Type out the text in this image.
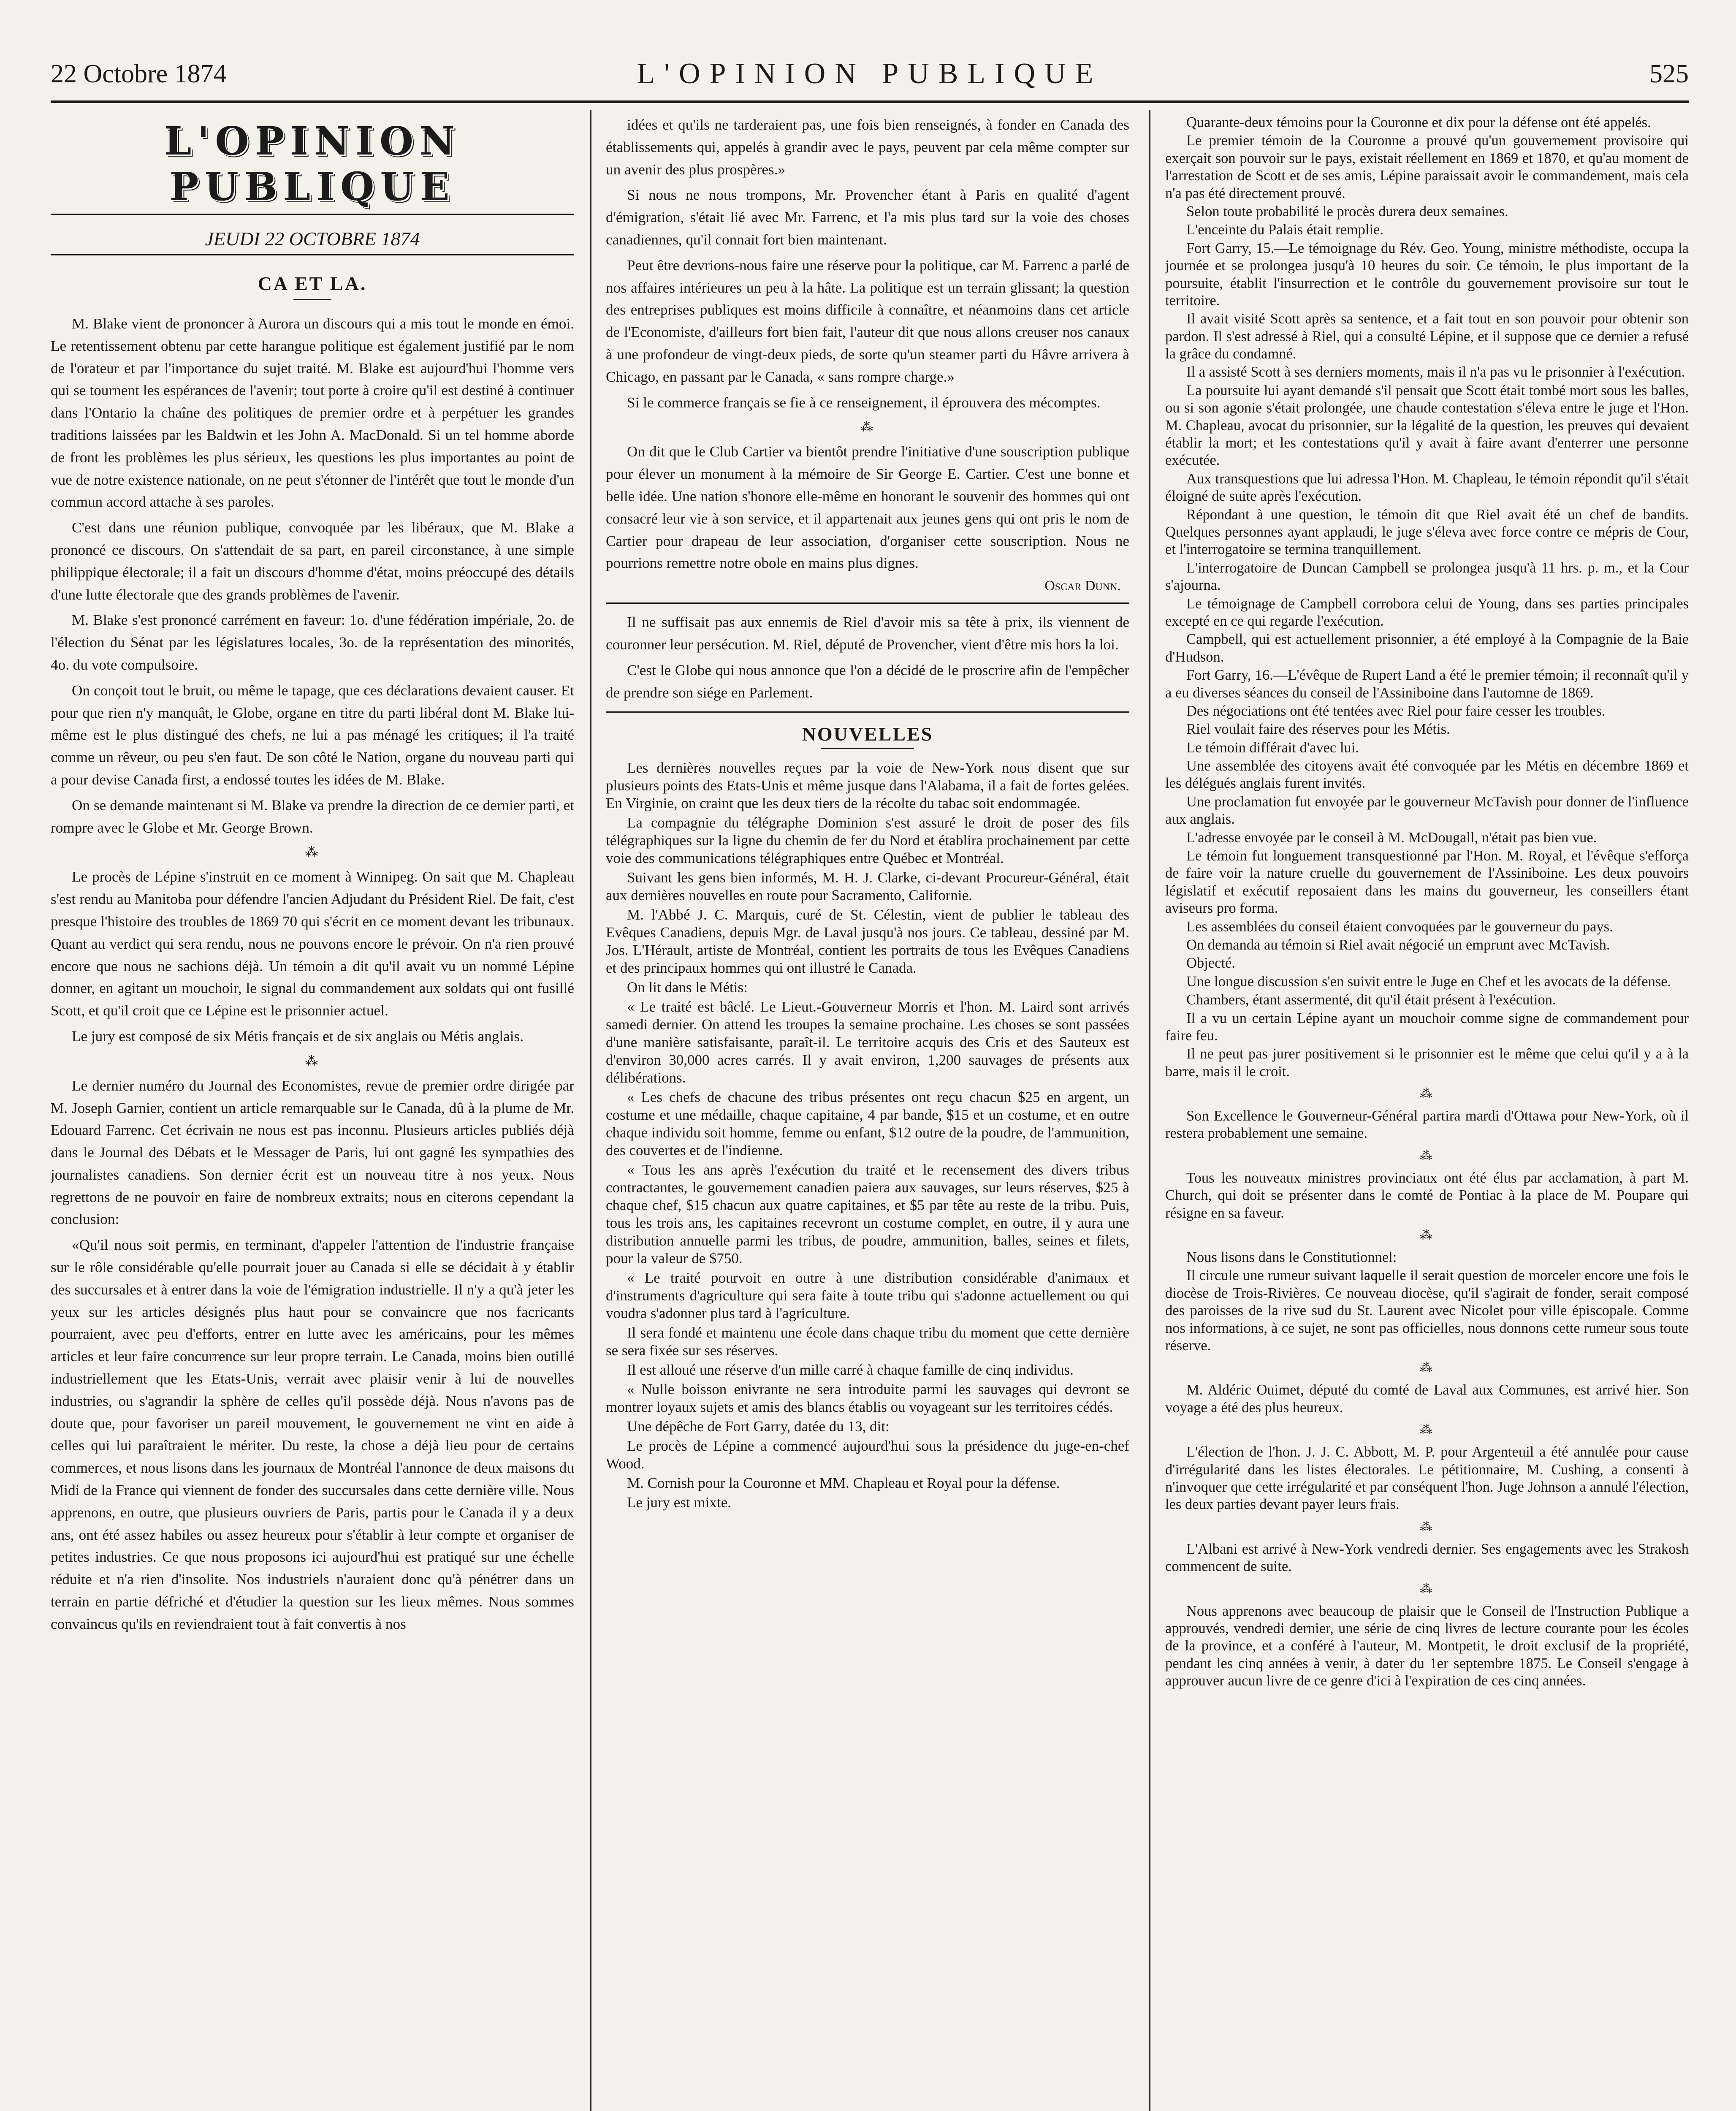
22 Octobre 1874	L'OPINION PUBLIQUE	525
L'OPINION PUBLIQUE
JEUDI 22 OCTOBRE 1874
CA ET LA.

M. Blake vient de prononcer à Aurora un discours qui a mis tout le monde en émoi. Le retentissement obtenu par cette harangue politique est également justifié par le nom de l'orateur et par l'importance du sujet traité. M. Blake est aujourd'hui l'homme vers qui se tournent les espérances de l'avenir; tout porte à croire qu'il est destiné à continuer dans l'Ontario la chaîne des politiques de premier ordre et à perpétuer les grandes traditions laissées par les Baldwin et les John A. MacDonald. Si un tel homme aborde de front les problèmes les plus sérieux, les questions les plus importantes au point de vue de notre existence nationale, on ne peut s'étonner de l'intérêt que tout le monde d'un commun accord attache à ses paroles.

C'est dans une réunion publique, convoquée par les libéraux, que M. Blake a prononcé ce discours. On s'attendait de sa part, en pareil circonstance, à une simple philippique électorale; il a fait un discours d'homme d'état, moins préoccupé des détails d'une lutte électorale que des grands problèmes de l'avenir.

M. Blake s'est prononcé carrément en faveur: 1o. d'une fédération impériale, 2o. de l'élection du Sénat par les législatures locales, 3o. de la représentation des minorités, 4o. du vote compulsoire.

On conçoit tout le bruit, ou même le tapage, que ces déclarations devaient causer. Et pour que rien n'y manquât, le Globe, organe en titre du parti libéral dont M. Blake lui-même est le plus distingué des chefs, ne lui a pas ménagé les critiques; il l'a traité comme un rêveur, ou peu s'en faut. De son côté le Nation, organe du nouveau parti qui a pour devise Canada first, a endossé toutes les idées de M. Blake.

On se demande maintenant si M. Blake va prendre la direction de ce dernier parti, et rompre avec le Globe et Mr. George Brown.

⁂

Le procès de Lépine s'instruit en ce moment à Winnipeg. On sait que M. Chapleau s'est rendu au Manitoba pour défendre l'ancien Adjudant du Président Riel. De fait, c'est presque l'histoire des troubles de 1869 70 qui s'écrit en ce moment devant les tribunaux. Quant au verdict qui sera rendu, nous ne pouvons encore le prévoir. On n'a rien prouvé encore que nous ne sachions déjà. Un témoin a dit qu'il avait vu un nommé Lépine donner, en agitant un mouchoir, le signal du commandement aux soldats qui ont fusillé Scott, et qu'il croit que ce Lépine est le prisonnier actuel.

Le jury est composé de six Métis français et de six anglais ou Métis anglais.

⁂

Le dernier numéro du Journal des Economistes, revue de premier ordre dirigée par M. Joseph Garnier, contient un article remarquable sur le Canada, dû à la plume de Mr. Edouard Farrenc. Cet écrivain ne nous est pas inconnu. Plusieurs articles publiés déjà dans le Journal des Débats et le Messager de Paris, lui ont gagné les sympathies des journalistes canadiens. Son dernier écrit est un nouveau titre à nos yeux. Nous regrettons de ne pouvoir en faire de nombreux extraits; nous en citerons cependant la conclusion:

«Qu'il nous soit permis, en terminant, d'appeler l'attention de l'industrie française sur le rôle considérable qu'elle pourrait jouer au Canada si elle se décidait à y établir des succursales et à entrer dans la voie de l'émigration industrielle. Il n'y a qu'à jeter les yeux sur les articles désignés plus haut pour se convaincre que nos facricants pourraient, avec peu d'efforts, entrer en lutte avec les américains, pour les mêmes articles et leur faire concurrence sur leur propre terrain. Le Canada, moins bien outillé industriellement que les Etats-Unis, verrait avec plaisir venir à lui de nouvelles industries, ou s'agrandir la sphère de celles qu'il possède déjà. Nous n'avons pas de doute que, pour favoriser un pareil mouvement, le gouvernement ne vint en aide à celles qui lui paraîtraient le mériter. Du reste, la chose a déjà lieu pour de certains commerces, et nous lisons dans les journaux de Montréal l'annonce de deux maisons du Midi de la France qui viennent de fonder des succursales dans cette dernière ville. Nous apprenons, en outre, que plusieurs ouvriers de Paris, partis pour le Canada il y a deux ans, ont été assez habiles ou assez heureux pour s'établir à leur compte et organiser de petites industries. Ce que nous proposons ici aujourd'hui est pratiqué sur une échelle réduite et n'a rien d'insolite. Nos industriels n'auraient donc qu'à pénétrer dans un terrain en partie défriché et d'étudier la question sur les lieux mêmes. Nous sommes convaincus qu'ils en reviendraient tout à fait convertis à nos

idées et qu'ils ne tarderaient pas, une fois bien renseignés, à fonder en Canada des établissements qui, appelés à grandir avec le pays, peuvent par cela même compter sur un avenir des plus prospères.»

Si nous ne nous trompons, Mr. Provencher étant à Paris en qualité d'agent d'émigration, s'était lié avec Mr. Farrenc, et l'a mis plus tard sur la voie des choses canadiennes, qu'il connait fort bien maintenant.

Peut être devrions-nous faire une réserve pour la politique, car M. Farrenc a parlé de nos affaires intérieures un peu à la hâte. La politique est un terrain glissant; la question des entreprises publiques est moins difficile à connaître, et néanmoins dans cet article de l'Economiste, d'ailleurs fort bien fait, l'auteur dit que nous allons creuser nos canaux à une profondeur de vingt-deux pieds, de sorte qu'un steamer parti du Hâvre arrivera à Chicago, en passant par le Canada, « sans rompre charge.»

Si le commerce français se fie à ce renseignement, il éprouvera des mécomptes.

⁂

On dit que le Club Cartier va bientôt prendre l'initiative d'une souscription publique pour élever un monument à la mémoire de Sir George E. Cartier. C'est une bonne et belle idée. Une nation s'honore elle-même en honorant le souvenir des hommes qui ont consacré leur vie à son service, et il appartenait aux jeunes gens qui ont pris le nom de Cartier pour drapeau de leur association, d'organiser cette souscription. Nous ne pourrions remettre notre obole en mains plus dignes.

Oscar Dunn.

Il ne suffisait pas aux ennemis de Riel d'avoir mis sa tête à prix, ils viennent de couronner leur persécution. M. Riel, député de Provencher, vient d'être mis hors la loi.

C'est le Globe qui nous annonce que l'on a décidé de le proscrire afin de l'empêcher de prendre son siége en Parlement.

NOUVELLES

Les dernières nouvelles reçues par la voie de New-York nous disent que sur plusieurs points des Etats-Unis et même jusque dans l'Alabama, il a fait de fortes gelées. En Virginie, on craint que les deux tiers de la récolte du tabac soit endommagée.

La compagnie du télégraphe Dominion s'est assuré le droit de poser des fils télégraphiques sur la ligne du chemin de fer du Nord et établira prochainement par cette voie des communications télégraphiques entre Québec et Montréal.

Suivant les gens bien informés, M. H. J. Clarke, ci-devant Procureur-Général, était aux dernières nouvelles en route pour Sacramento, Californie.

M. l'Abbé J. C. Marquis, curé de St. Célestin, vient de publier le tableau des Evêques Canadiens, depuis Mgr. de Laval jusqu'à nos jours. Ce tableau, dessiné par M. Jos. L'Hérault, artiste de Montréal, contient les portraits de tous les Evêques Canadiens et des principaux hommes qui ont illustré le Canada.

On lit dans le Métis:

« Le traité est bâclé. Le Lieut.-Gouverneur Morris et l'hon. M. Laird sont arrivés samedi dernier. On attend les troupes la semaine prochaine. Les choses se sont passées d'une manière satisfaisante, paraît-il. Le territoire acquis des Cris et des Sauteux est d'environ 30,000 acres carrés. Il y avait environ, 1,200 sauvages de présents aux délibérations.

« Les chefs de chacune des tribus présentes ont reçu chacun $25 en argent, un costume et une médaille, chaque capitaine, 4 par bande, $15 et un costume, et en outre chaque individu soit homme, femme ou enfant, $12 outre de la poudre, de l'ammunition, des couvertes et de l'indienne.

« Tous les ans après l'exécution du traité et le recensement des divers tribus contractantes, le gouvernement canadien paiera aux sauvages, sur leurs réserves, $25 à chaque chef, $15 chacun aux quatre capitaines, et $5 par tête au reste de la tribu. Puis, tous les trois ans, les capitaines recevront un costume complet, en outre, il y aura une distribution annuelle parmi les tribus, de poudre, ammunition, balles, seines et filets, pour la valeur de $750.

« Le traité pourvoit en outre à une distribution considérable d'animaux et d'instruments d'agriculture qui sera faite à toute tribu qui s'adonne actuellement ou qui voudra s'adonner plus tard à l'agriculture.

Il sera fondé et maintenu une école dans chaque tribu du moment que cette dernière se sera fixée sur ses réserves.

Il est alloué une réserve d'un mille carré à chaque famille de cinq individus.

« Nulle boisson enivrante ne sera introduite parmi les sauvages qui devront se montrer loyaux sujets et amis des blancs établis ou voyageant sur les territoires cédés.

Une dépêche de Fort Garry, datée du 13, dit:

Le procès de Lépine a commencé aujourd'hui sous la présidence du juge-en-chef Wood.

M. Cornish pour la Couronne et MM. Chapleau et Royal pour la défense.

Le jury est mixte.

Quarante-deux témoins pour la Couronne et dix pour la défense ont été appelés.

Le premier témoin de la Couronne a prouvé qu'un gouvernement provisoire qui exerçait son pouvoir sur le pays, existait réellement en 1869 et 1870, et qu'au moment de l'arrestation de Scott et de ses amis, Lépine paraissait avoir le commandement, mais cela n'a pas été directement prouvé.

Selon toute probabilité le procès durera deux semaines.

L'enceinte du Palais était remplie.

Fort Garry, 15.—Le témoignage du Rév. Geo. Young, ministre méthodiste, occupa la journée et se prolongea jusqu'à 10 heures du soir. Ce témoin, le plus important de la poursuite, établit l'insurrection et le contrôle du gouvernement provisoire sur tout le territoire.

Il avait visité Scott après sa sentence, et a fait tout en son pouvoir pour obtenir son pardon. Il s'est adressé à Riel, qui a consulté Lépine, et il suppose que ce dernier a refusé la grâce du condamné.

Il a assisté Scott à ses derniers moments, mais il n'a pas vu le prisonnier à l'exécution.

La poursuite lui ayant demandé s'il pensait que Scott était tombé mort sous les balles, ou si son agonie s'était prolongée, une chaude contestation s'éleva entre le juge et l'Hon. M. Chapleau, avocat du prisonnier, sur la légalité de la question, les preuves qui devaient établir la mort; et les contestations qu'il y avait à faire avant d'enterrer une personne exécutée.

Aux transquestions que lui adressa l'Hon. M. Chapleau, le témoin répondit qu'il s'était éloigné de suite après l'exécution.

Répondant à une question, le témoin dit que Riel avait été un chef de bandits. Quelques personnes ayant applaudi, le juge s'éleva avec force contre ce mépris de Cour, et l'interrogatoire se termina tranquillement.

L'interrogatoire de Duncan Campbell se prolongea jusqu'à 11 hrs. p. m., et la Cour s'ajourna.

Le témoignage de Campbell corrobora celui de Young, dans ses parties principales excepté en ce qui regarde l'exécution.

Campbell, qui est actuellement prisonnier, a été employé à la Compagnie de la Baie d'Hudson.

Fort Garry, 16.—L'évêque de Rupert Land a été le premier témoin; il reconnaît qu'il y a eu diverses séances du conseil de l'Assiniboine dans l'automne de 1869.

Des négociations ont été tentées avec Riel pour faire cesser les troubles.

Riel voulait faire des réserves pour les Métis.

Le témoin différait d'avec lui.

Une assemblée des citoyens avait été convoquée par les Métis en décembre 1869 et les délégués anglais furent invités.

Une proclamation fut envoyée par le gouverneur McTavish pour donner de l'influence aux anglais.

L'adresse envoyée par le conseil à M. McDougall, n'était pas bien vue.

Le témoin fut longuement transquestionné par l'Hon. M. Royal, et l'évêque s'efforça de faire voir la nature cruelle du gouvernement de l'Assiniboine. Les deux pouvoirs législatif et exécutif reposaient dans les mains du gouverneur, les conseillers étant aviseurs pro forma.

Les assemblées du conseil étaient convoquées par le gouverneur du pays.

On demanda au témoin si Riel avait négocié un emprunt avec McTavish.

Objecté.

Une longue discussion s'en suivit entre le Juge en Chef et les avocats de la défense.

Chambers, étant assermenté, dit qu'il était présent à l'exécution.

Il a vu un certain Lépine ayant un mouchoir comme signe de commandement pour faire feu.

Il ne peut pas jurer positivement si le prisonnier est le même que celui qu'il y a à la barre, mais il le croit.

⁂

Son Excellence le Gouverneur-Général partira mardi d'Ottawa pour New-York, où il restera probablement une semaine.

⁂

Tous les nouveaux ministres provinciaux ont été élus par acclamation, à part M. Church, qui doit se présenter dans le comté de Pontiac à la place de M. Poupare qui résigne en sa faveur.

⁂

Nous lisons dans le Constitutionnel:

Il circule une rumeur suivant laquelle il serait question de morceler encore une fois le diocèse de Trois-Rivières. Ce nouveau diocèse, qu'il s'agirait de fonder, serait composé des paroisses de la rive sud du St. Laurent avec Nicolet pour ville épiscopale. Comme nos informations, à ce sujet, ne sont pas officielles, nous donnons cette rumeur sous toute réserve.

⁂

M. Aldéric Ouimet, député du comté de Laval aux Communes, est arrivé hier. Son voyage a été des plus heureux.

⁂

L'élection de l'hon. J. J. C. Abbott, M. P. pour Argenteuil a été annulée pour cause d'irrégularité dans les listes électorales. Le pétitionnaire, M. Cushing, a consenti à n'invoquer que cette irrégularité et par conséquent l'hon. Juge Johnson a annulé l'élection, les deux parties devant payer leurs frais.

⁂

L'Albani est arrivé à New-York vendredi dernier. Ses engagements avec les Strakosh commencent de suite.

⁂

Nous apprenons avec beaucoup de plaisir que le Conseil de l'Instruction Publique a approuvés, vendredi dernier, une série de cinq livres de lecture courante pour les écoles de la province, et a conféré à l'auteur, M. Montpetit, le droit exclusif de la propriété, pendant les cinq années à venir, à dater du 1er septembre 1875. Le Conseil s'engage à approuver aucun livre de ce genre d'ici à l'expiration de ces cinq années.
